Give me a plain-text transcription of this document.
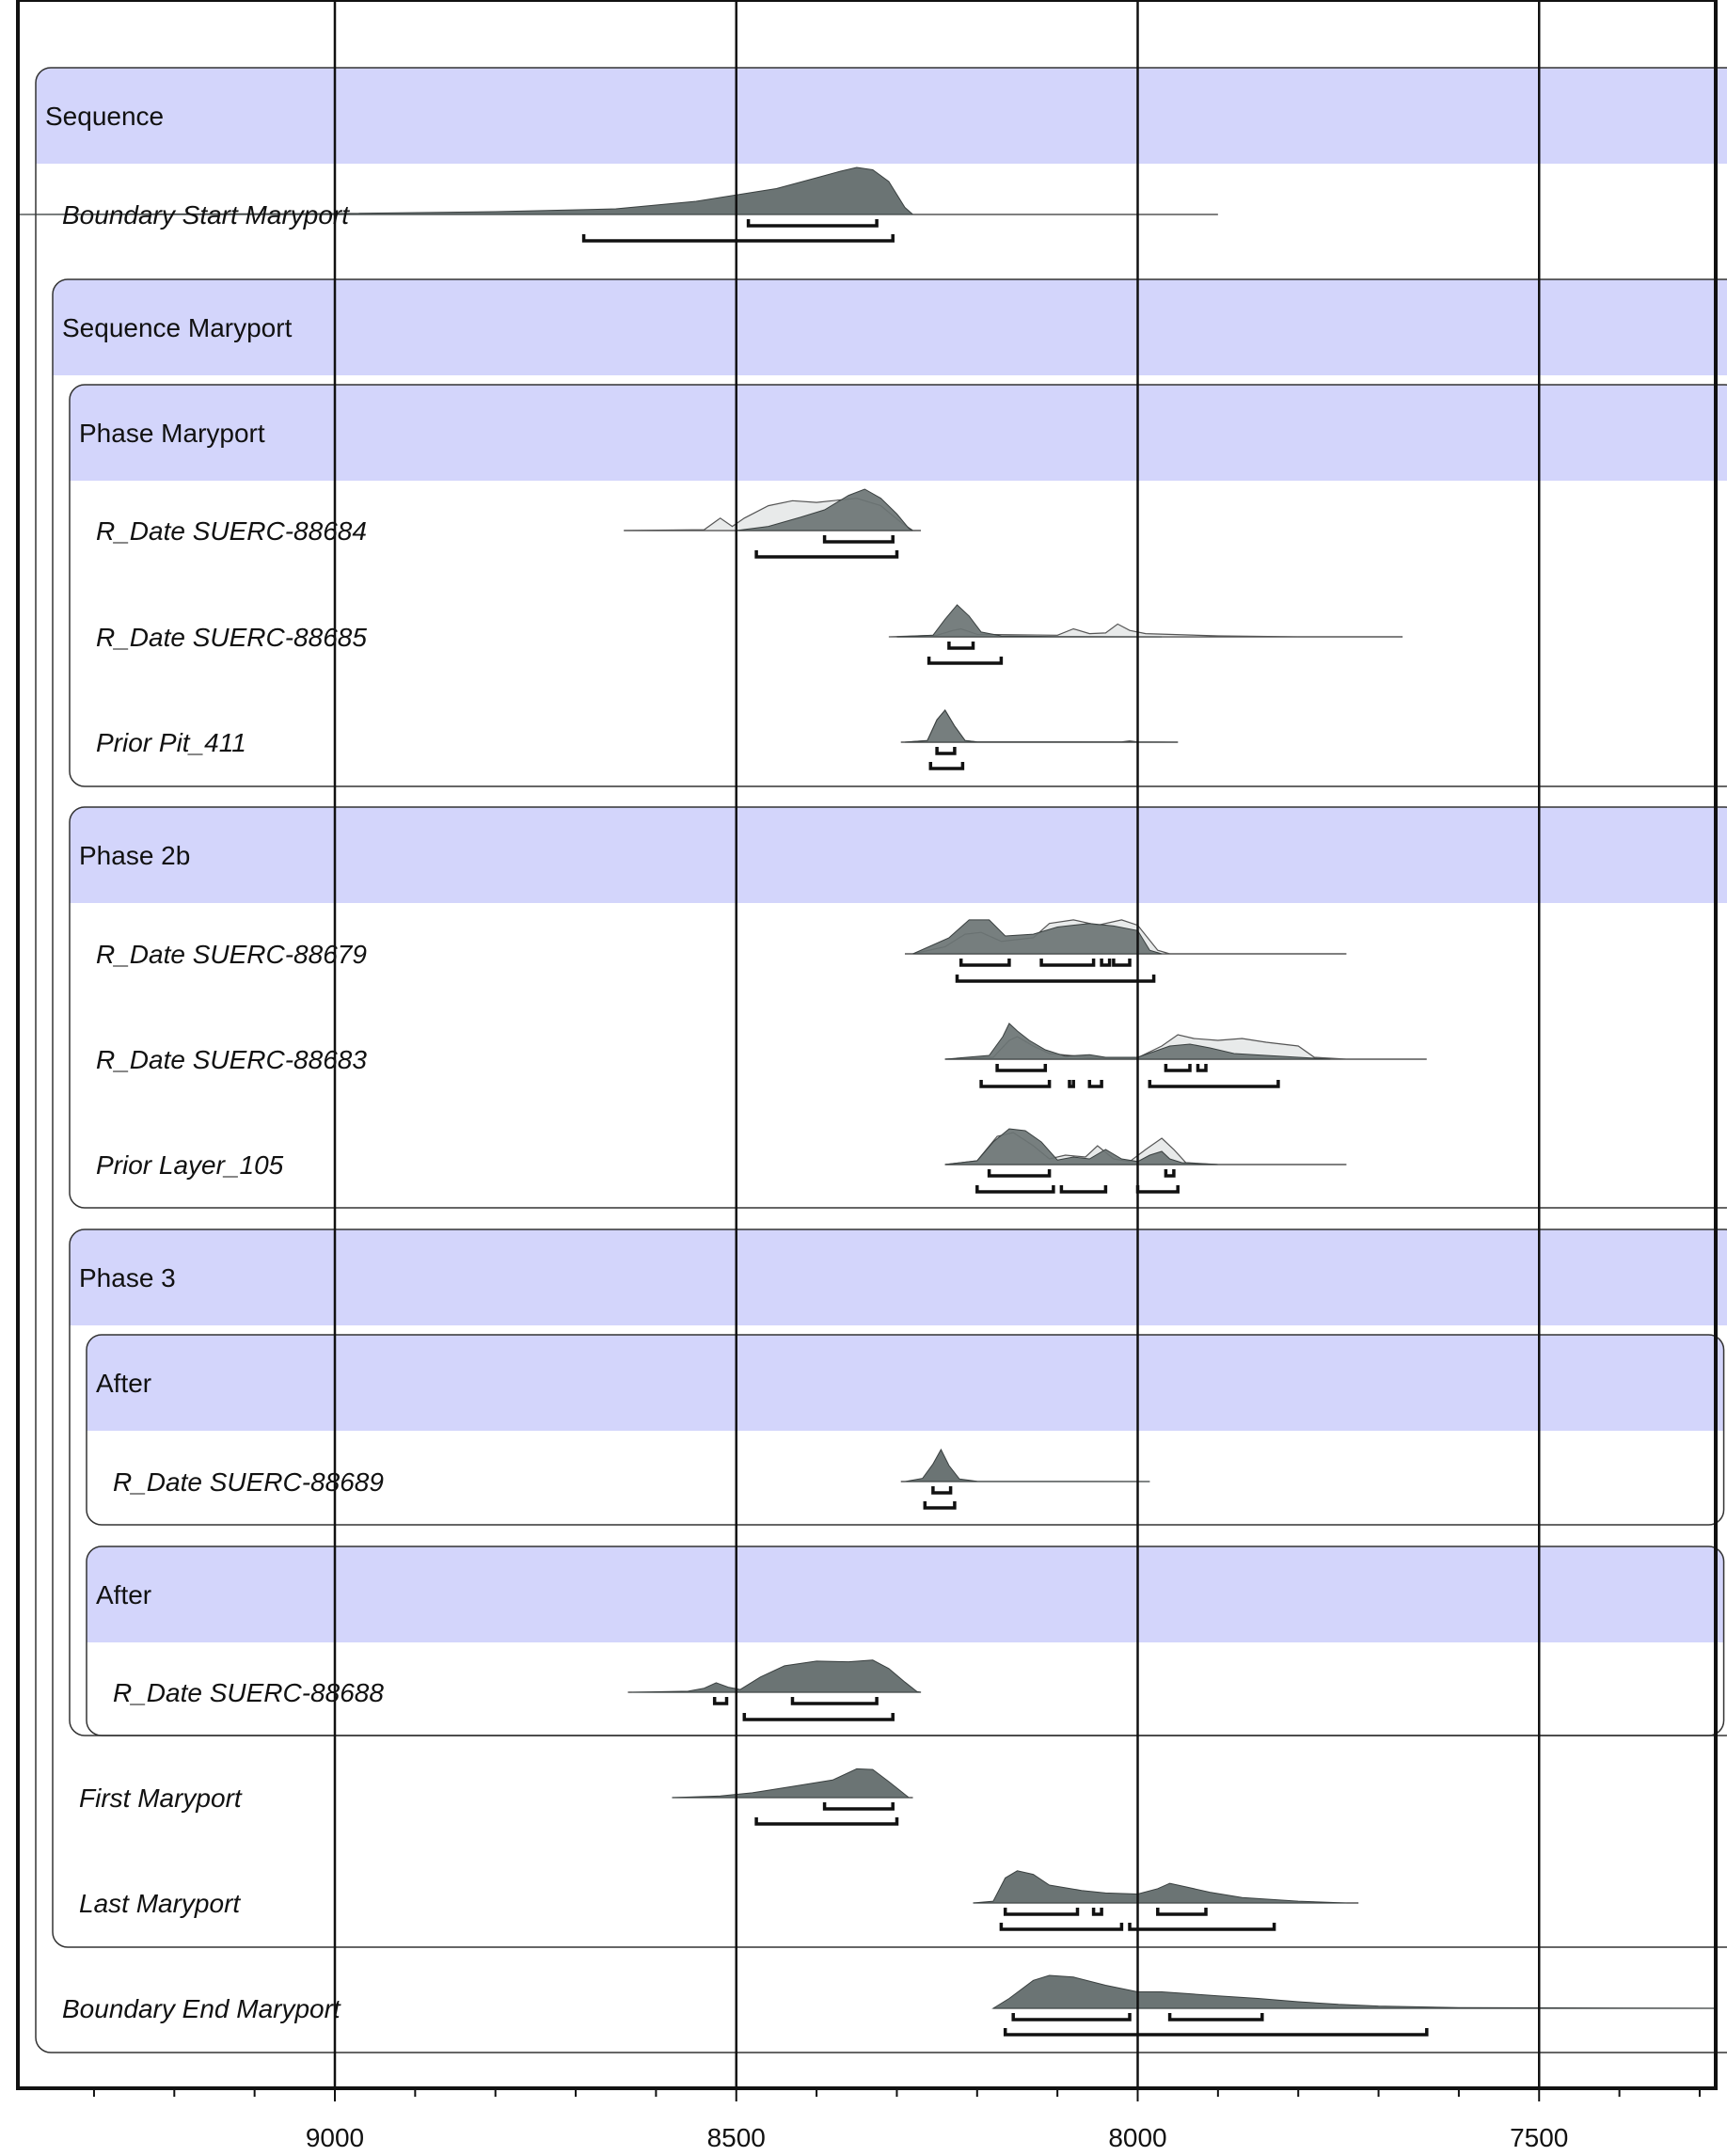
Sequence
Sequence Maryport
Phase Maryport
Phase 2b
Phase 3
After
After
Boundary Start Maryport
R_Date SUERC-88684
R_Date SUERC-88685
Prior Pit_411
R_Date SUERC-88679
R_Date SUERC-88683
Prior Layer_105
R_Date SUERC-88689
R_Date SUERC-88688
First Maryport
Last Maryport
Boundary End Maryport
9000	8500	8000	7500
